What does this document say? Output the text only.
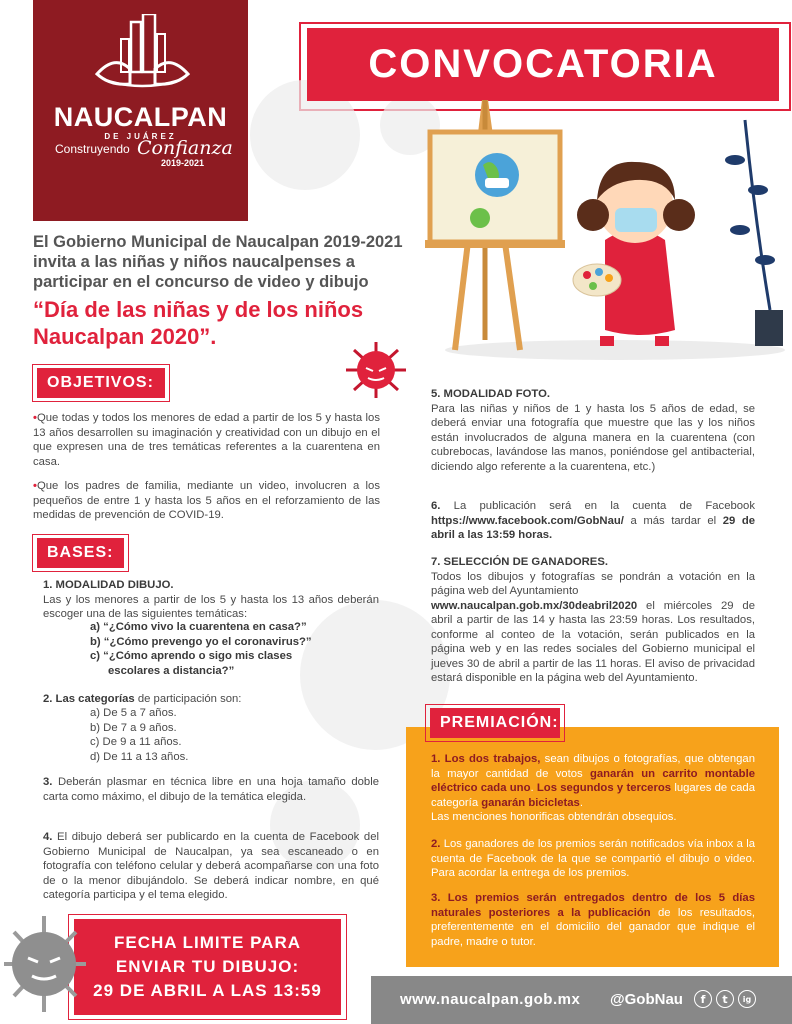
NAUCALPAN
DE JUÁREZ
Construyendo Confianza
2019-2021
CONVOCATORIA
El Gobierno Municipal de Naucalpan 2019-2021 invita a las niñas y niños naucalpenses a participar en el concurso de video y dibujo
“Día de las niñas y de los niños Naucalpan 2020”.
OBJETIVOS:
•Que todas y todos los menores de edad a partir de los 5 y hasta los 13 años desarrollen su imaginación y creatividad con un dibujo en el que expresen una de tres temáticas referentes a la cuarentena en casa.
•Que los padres de familia, mediante un video, involucren a los pequeños de entre 1 y hasta los 5 años en el reforzamiento de las medidas de prevención de COVID-19.
BASES:
1. MODALIDAD DIBUJO.
Las y los menores a partir de los 5 y hasta los 13 años deberán escoger una de las siguientes temáticas:
a) “¿Cómo vivo la cuarentena en casa?”
b) “¿Cómo prevengo yo el coronavirus?”
c) “¿Cómo aprendo o sigo mis clases
escolares a distancia?”
2. Las categorías de participación son:
a) De 5 a 7 años.
b) De 7 a 9 años.
c) De 9 a 11 años.
d) De 11 a 13 años.
3. Deberán plasmar en técnica libre en una hoja tamaño doble carta como máximo, el dibujo de la temática elegida.
4. El dibujo deberá ser publicardo en la cuenta de Facebook del Gobierno Municipal de Naucalpan, ya sea escaneado o en fotografía con teléfono celular y deberá acompañarse con una foto de o la menor dibujándolo. Se deberá indicar nombre, en qué categoría participa y el tema elegido.
5. MODALIDAD FOTO.
Para las niñas y niños de 1 y hasta los 5 años de edad, se deberá enviar una fotografía que muestre que las y los niños están involucrados de alguna manera en la cuarentena (con cubrebocas, lavándose las manos, poniéndose gel antibacterial, diciendo algo referente a la cuarentena, etc.)
6. La publicación será en la cuenta de Facebook https://www.facebook.com/GobNau/ a más tardar el 29 de abril a las 13:59 horas.
7. SELECCIÓN DE GANADORES.
Todos los dibujos y fotografías se pondrán a votación en la página web del Ayuntamiento
www.naucalpan.gob.mx/30deabril2020 el miércoles 29 de abril a partir de las 14 y hasta las 23:59 horas. Los resultados, conforme al conteo de la votación, serán publicados en la página web y en las redes sociales del Gobierno municipal el jueves 30 de abril a partir de las 11 horas. El aviso de privacidad estará disponible en la página web del Ayuntamiento.
PREMIACIÓN:
1. Los dos trabajos, sean dibujos o fotografías, que obtengan la mayor cantidad de votos ganarán un carrito montable eléctrico cada uno. Los segundos y terceros lugares de cada categoría ganarán bicicletas.
Las menciones honorificas obtendrán obsequios.
2. Los ganadores de los premios serán notificados vía inbox a la cuenta de Facebook de la que se compartió el dibujo o video. Para acordar la entrega de los premios.
3. Los premios serán entregados dentro de los 5 días naturales posteriores a la publicación de los resultados, preferentemente en el domicilio del ganador que indique el padre, madre o tutor.
FECHA LIMITE PARA
ENVIAR TU DIBUJO:
29 DE ABRIL A LAS 13:59	www.naucalpan.gob.mx @GobNau	f	t	ig
